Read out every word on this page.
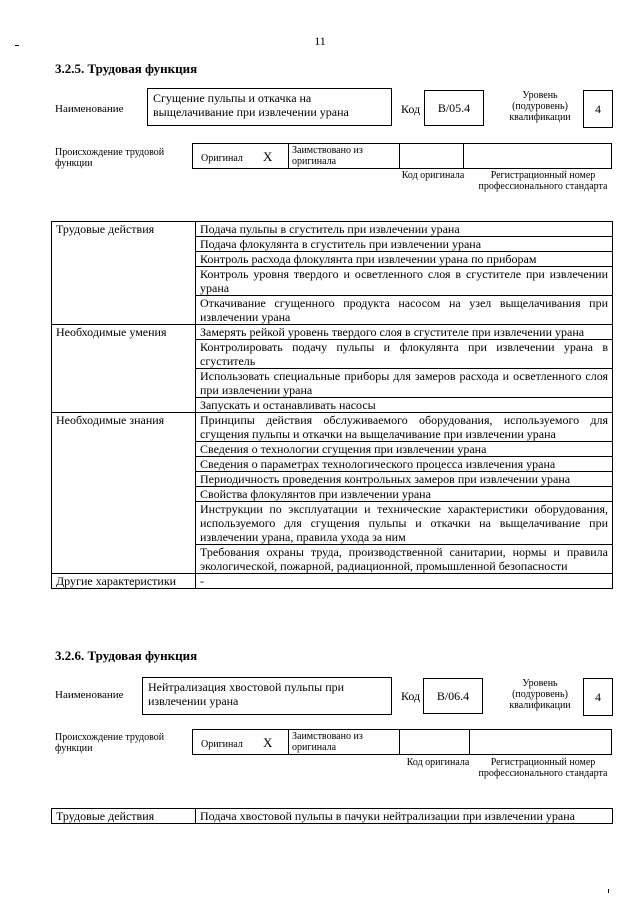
11
3.2.5. Трудовая функция
Наименование
Сгущение пульпы и откачка на выщелачивание при извлечении урана	Код	B/05.4
Уровень (подуровень) квалификации
4
Происхождение трудовой функции	Оригинал X Заимствовано из оригинала
Код оригинала	Регистрационный номер профессионального стандарта
Трудовые действия	Подача пульпы в сгуститель при извлечении урана
	Подача флокулянта в сгуститель при извлечении урана
	Контроль расхода флокулянта при извлечении урана по приборам
	Контроль уровня твердого и осветленного слоя в сгустителе при извлечении урана
	Откачивание сгущенного продукта насосом на узел выщелачивания при извлечении урана
Необходимые умения	Замерять рейкой уровень твердого слоя в сгустителе при извлечении урана
	Контролировать подачу пульпы и флокулянта при извлечении урана в сгуститель
	Использовать специальные приборы для замеров расхода и осветленного слоя при извлечении урана
	Запускать и останавливать насосы
Необходимые знания	Принципы действия обслуживаемого оборудования, используемого для сгущения пульпы и откачки на выщелачивание при извлечении урана
	Сведения о технологии сгущения при извлечении урана
	Сведения о параметрах технологического процесса извлечения урана
	Периодичность проведения контрольных замеров при извлечении урана
	Свойства флокулянтов при извлечении урана
	Инструкции по эксплуатации и технические характеристики оборудования, используемого для сгущения пульпы и откачки на выщелачивание при извлечении урана, правила ухода за ним
	Требования охраны труда, производственной санитарии, нормы и правила экологической, пожарной, радиационной, промышленной безопасности
Другие характеристики	-
3.2.6. Трудовая функция
Наименование
Нейтрализация хвостовой пульпы при извлечении урана	Код	B/06.4
Уровень (подуровень) квалификации
4
Происхождение трудовой функции	Оригинал X Заимствовано из оригинала
Код оригинала	Регистрационный номер профессионального стандарта
Трудовые действия	Подача хвостовой пульпы в пачуки нейтрализации при извлечении урана
